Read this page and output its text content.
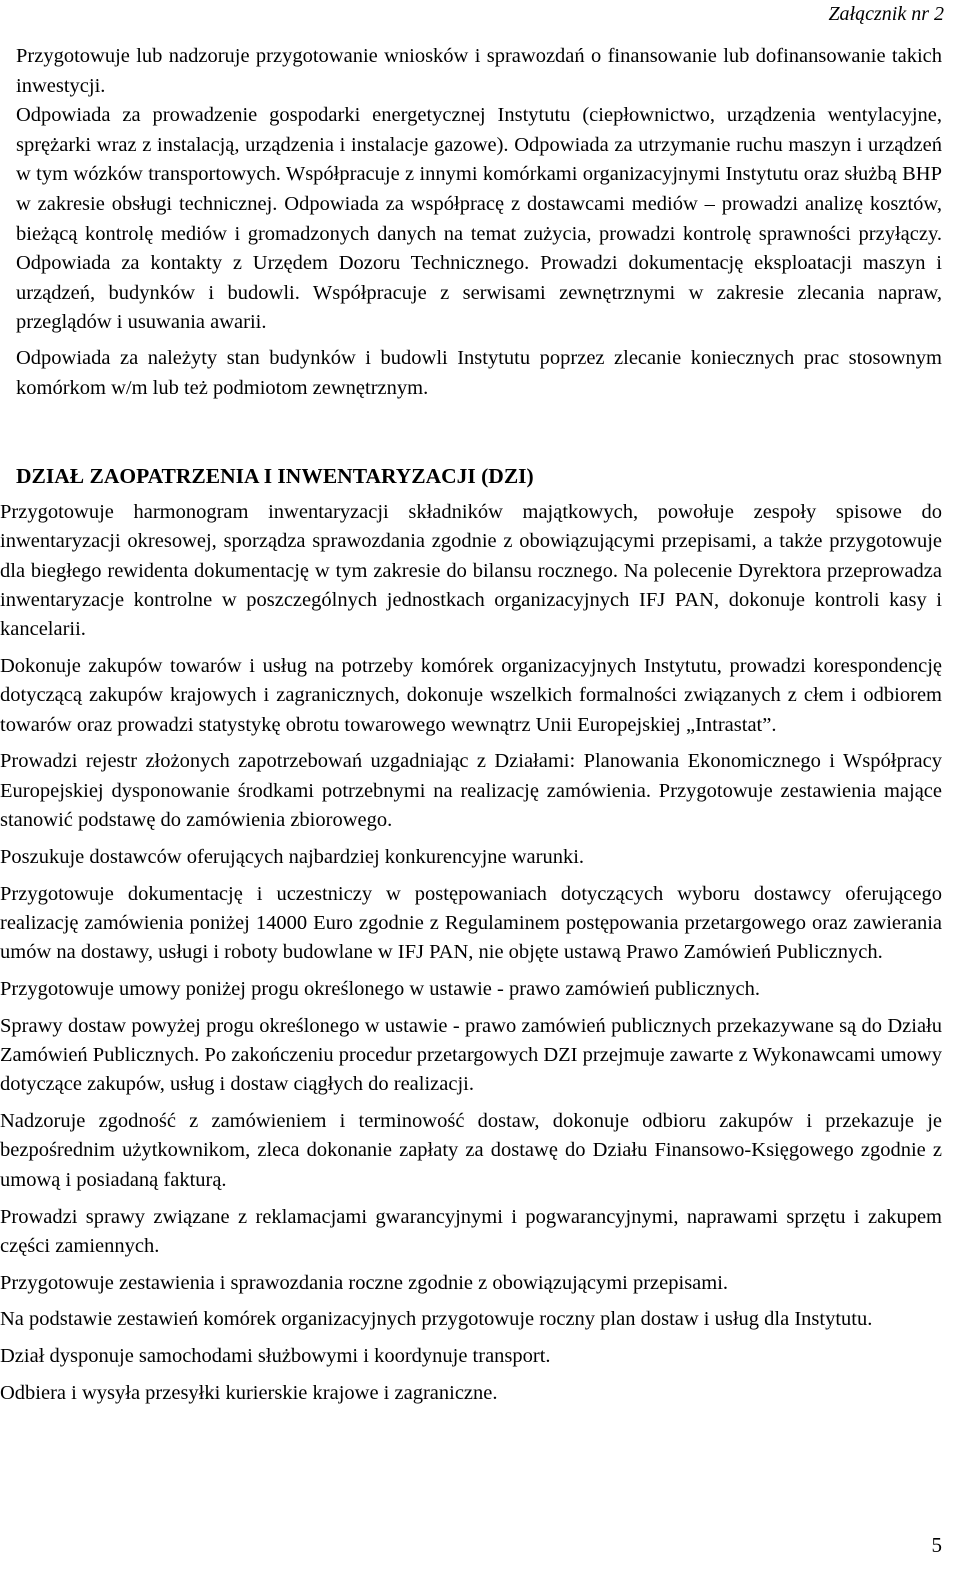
Załącznik nr 2

Przygotowuje lub nadzoruje przygotowanie wniosków i sprawozdań o finansowanie lub dofinansowanie takich inwestycji.

Odpowiada za prowadzenie gospodarki energetycznej Instytutu (ciepłownictwo, urządzenia wentylacyjne, sprężarki wraz z instalacją, urządzenia i instalacje gazowe). Odpowiada za utrzymanie ruchu maszyn i urządzeń w tym wózków transportowych. Współpracuje z innymi komórkami organizacyjnymi Instytutu oraz służbą BHP w zakresie obsługi technicznej. Odpowiada za współpracę z dostawcami mediów – prowadzi analizę kosztów, bieżącą kontrolę mediów i gromadzonych danych na temat zużycia, prowadzi kontrolę sprawności przyłączy. Odpowiada za kontakty z Urzędem Dozoru Technicznego. Prowadzi dokumentację eksploatacji maszyn i urządzeń, budynków i budowli. Współpracuje z serwisami zewnętrznymi w zakresie zlecania napraw, przeglądów i usuwania awarii.

Odpowiada za należyty stan budynków i budowli Instytutu poprzez zlecanie koniecznych prac stosownym komórkom w/m lub też podmiotom zewnętrznym.

DZIAŁ ZAOPATRZENIA I INWENTARYZACJI (DZI)

Przygotowuje harmonogram inwentaryzacji składników majątkowych, powołuje zespoły spisowe do inwentaryzacji okresowej, sporządza sprawozdania zgodnie z obowiązującymi przepisami, a także przygotowuje dla biegłego rewidenta dokumentację w tym zakresie do bilansu rocznego. Na polecenie Dyrektora przeprowadza inwentaryzacje kontrolne w poszczególnych jednostkach organizacyjnych IFJ PAN, dokonuje kontroli kasy i kancelarii.

Dokonuje zakupów towarów i usług na potrzeby komórek organizacyjnych Instytutu, prowadzi korespondencję dotyczącą zakupów krajowych i zagranicznych, dokonuje wszelkich formalności związanych z cłem i odbiorem towarów oraz prowadzi statystykę obrotu towarowego wewnątrz Unii Europejskiej „Intrastat”.

Prowadzi rejestr złożonych zapotrzebowań uzgadniając z Działami: Planowania Ekonomicznego i Współpracy Europejskiej dysponowanie środkami potrzebnymi na realizację zamówienia. Przygotowuje zestawienia mające stanowić podstawę do zamówienia zbiorowego.

Poszukuje dostawców oferujących najbardziej konkurencyjne warunki.

Przygotowuje dokumentację i uczestniczy w postępowaniach dotyczących wyboru dostawcy oferującego realizację zamówienia poniżej 14000 Euro zgodnie z Regulaminem postępowania przetargowego oraz zawierania umów na dostawy, usługi i roboty budowlane w IFJ PAN, nie objęte ustawą Prawo Zamówień Publicznych.

Przygotowuje umowy poniżej progu określonego w ustawie - prawo zamówień publicznych.

Sprawy dostaw powyżej progu określonego w ustawie - prawo zamówień publicznych przekazywane są do Działu Zamówień Publicznych. Po zakończeniu procedur przetargowych DZI przejmuje zawarte z Wykonawcami umowy dotyczące zakupów, usług i dostaw ciągłych do realizacji.

Nadzoruje zgodność z zamówieniem i terminowość dostaw, dokonuje odbioru zakupów i przekazuje je bezpośrednim użytkownikom, zleca dokonanie zapłaty za dostawę do Działu Finansowo-Księgowego zgodnie z umową i posiadaną fakturą.

Prowadzi sprawy związane z reklamacjami gwarancyjnymi i pogwarancyjnymi, naprawami sprzętu i zakupem części zamiennych.

Przygotowuje zestawienia i sprawozdania roczne zgodnie z obowiązującymi przepisami.

Na podstawie zestawień komórek organizacyjnych przygotowuje roczny plan dostaw i usług dla Instytutu.

Dział dysponuje samochodami służbowymi i koordynuje transport.

Odbiera i wysyła przesyłki kurierskie krajowe i zagraniczne.

5
